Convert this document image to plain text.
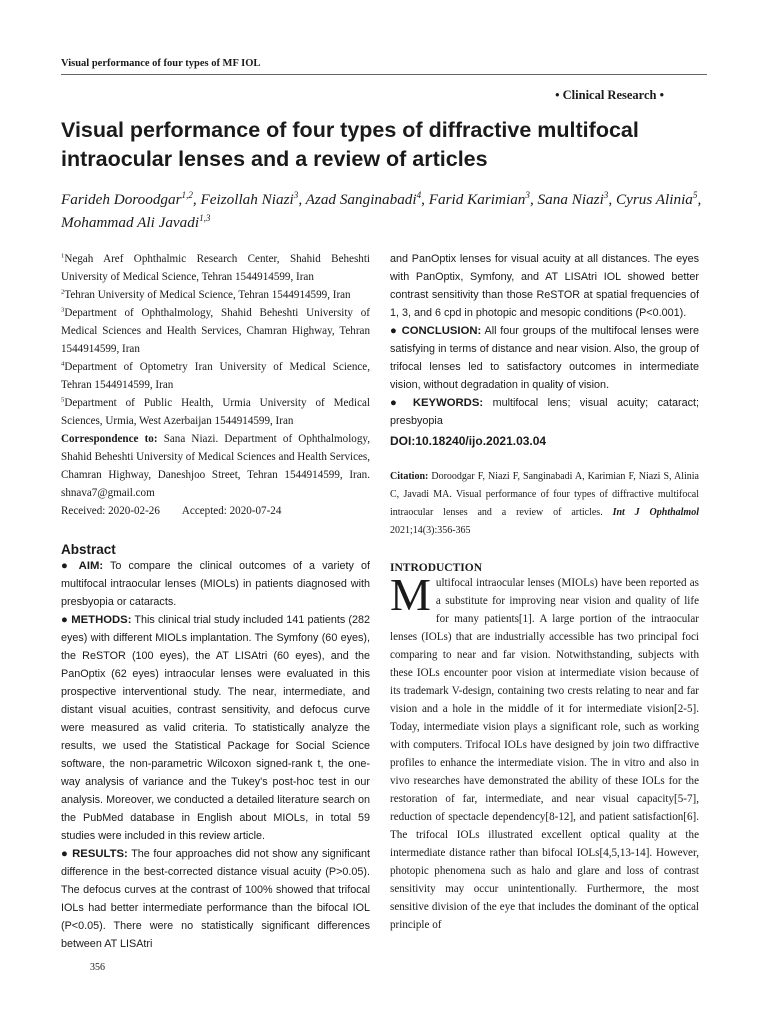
Visual performance of four types of MF IOL
• Clinical Research •
Visual performance of four types of diffractive multifocal intraocular lenses and a review of articles

Farideh Doroodgar$^{1,2}$, Feizollah Niazi$^3$, Azad Sanginabadi$^4$, Farid Karimian$^3$, Sana Niazi$^3$, Cyrus Alinia$^5$, Mohammad Ali Javadi$^{1,3}$

$^1$Negah Aref Ophthalmic Research Center, Shahid Beheshti University of Medical Science, Tehran 1544914599, Iran

$^2$Tehran University of Medical Science, Tehran 1544914599, Iran

$^3$Department of Ophthalmology, Shahid Beheshti University of Medical Sciences and Health Services, Chamran Highway, Tehran 1544914599, Iran

$^4$Department of Optometry Iran University of Medical Science, Tehran 1544914599, Iran

$^5$Department of Public Health, Urmia University of Medical Sciences, Urmia, West Azerbaijan 1544914599, Iran

Correspondence to: Sana Niazi. Department of Ophthalmology, Shahid Beheshti University of Medical Sciences and Health Services, Chamran Highway, Daneshjoo Street, Tehran 1544914599, Iran. shnava7@gmail.com

Received: 2020-02-26 Accepted: 2020-07-24

Abstract

● AIM: To compare the clinical outcomes of a variety of multifocal intraocular lenses (MIOLs) in patients diagnosed with presbyopia or cataracts.

● METHODS: This clinical trial study included 141 patients (282 eyes) with different MIOLs implantation. The Symfony (60 eyes), the ReSTOR (100 eyes), the AT LISAtri (60 eyes), and the PanOptix (62 eyes) intraocular lenses were evaluated in this prospective interventional study. The near, intermediate, and distant visual acuities, contrast sensitivity, and defocus curve were measured as valid criteria. To statistically analyze the results, we used the Statistical Package for Social Science software, the non-parametric Wilcoxon signed-rank t, the one-way analysis of variance and the Tukey's post-hoc test in our analysis. Moreover, we conducted a detailed literature search on the PubMed database in English about MIOLs, in total 59 studies were included in this review article.

● RESULTS: The four approaches did not show any significant difference in the best-corrected distance visual acuity (P>0.05). The defocus curves at the contrast of 100% showed that trifocal IOLs had better intermediate performance than the bifocal IOL (P<0.05). There were no statistically significant differences between AT LISAtri

and PanOptix lenses for visual acuity at all distances. The eyes with PanOptix, Symfony, and AT LISAtri IOL showed better contrast sensitivity than those ReSTOR at spatial frequencies of 1, 3, and 6 cpd in photopic and mesopic conditions (P<0.001).

● CONCLUSION: All four groups of the multifocal lenses were satisfying in terms of distance and near vision. Also, the group of trifocal lenses led to satisfactory outcomes in intermediate vision, without degradation in quality of vision.

● KEYWORDS: multifocal lens; visual acuity; cataract; presbyopia

DOI:10.18240/ijo.2021.03.04

Citation: Doroodgar F, Niazi F, Sanginabadi A, Karimian F, Niazi S, Alinia C, Javadi MA. Visual performance of four types of diffractive multifocal intraocular lenses and a review of articles. Int J Ophthalmol 2021;14(3):356-365

INTRODUCTION

Multifocal intraocular lenses (MIOLs) have been reported as a substitute for improving near vision and quality of life for many patients[1]. A large portion of the intraocular lenses (IOLs) that are industrially accessible has two principal foci comparing to near and far vision. Notwithstanding, subjects with these IOLs encounter poor vision at intermediate vision because of its trademark V-design, containing two crests relating to near and far vision and a hole in the middle of it for intermediate vision[2-5]. Today, intermediate vision plays a significant role, such as working with computers. Trifocal IOLs have designed by join two diffractive profiles to enhance the intermediate vision. The in vitro and also in vivo researches have demonstrated the ability of these IOLs for the restoration of far, intermediate, and near visual capacity[5-7], reduction of spectacle dependency[8-12], and patient satisfaction[6]. The trifocal IOLs illustrated excellent optical quality at the intermediate distance rather than bifocal IOLs[4,5,13-14]. However, photopic phenomena such as halo and glare and loss of contrast sensitivity may occur unintentionally. Furthermore, the most sensitive division of the eye that includes the dominant of the optical principle of

356
